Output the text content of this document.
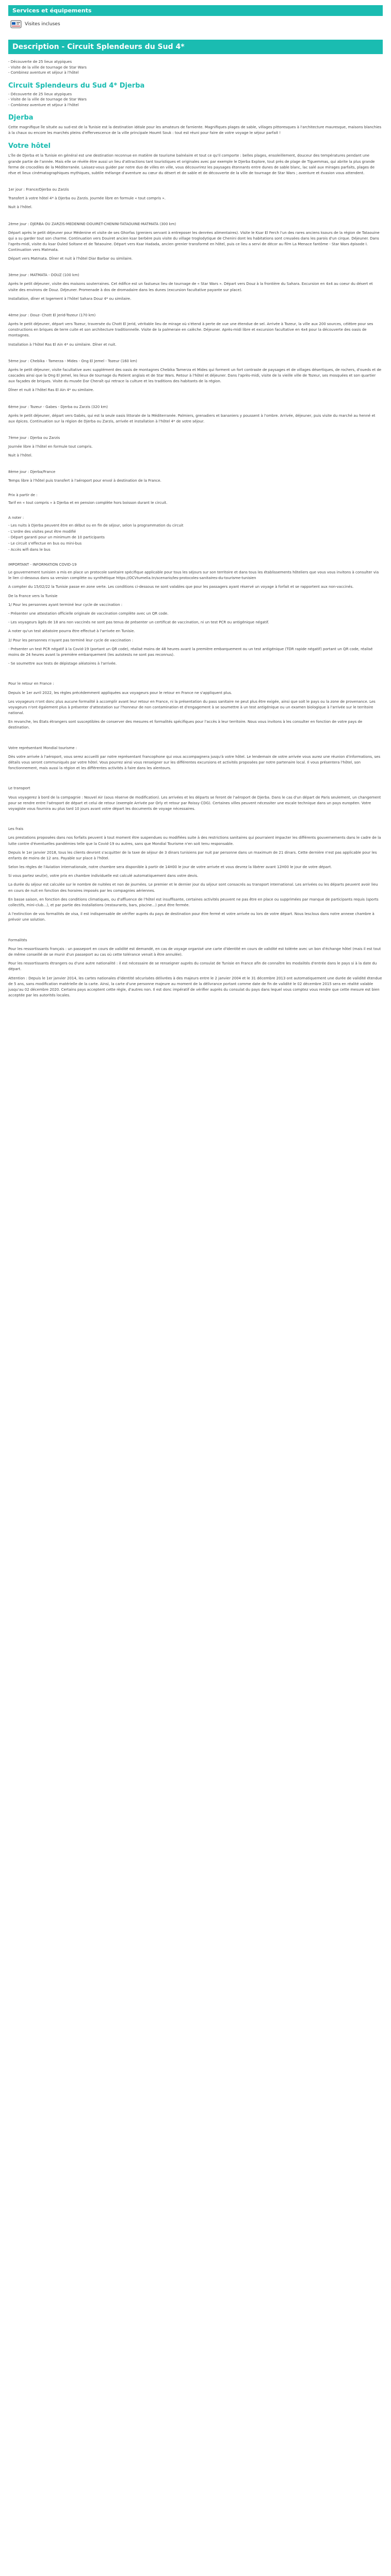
Services et équipements
Visites incluses
Description - Circuit Splendeurs du Sud 4*

- Découverte de 25 lieux atypiques

- Visite de la ville de tournage de Star Wars

- Combinez aventure et séjour à l'hôtel

Circuit Splendeurs du Sud 4* Djerba

- Découverte de 25 lieux atypiques

- Visite de la ville de tournage de Star Wars

- Combinez aventure et séjour à l'hôtel

Djerba

Cette magnifique île située au sud-est de la Tunisie est la destination idéale pour les amateurs de farniente. Magnifiques plages de sable, villages pittoresques à l'architecture mauresque, maisons blanchies à la chaux ou encore les marchés pleins d'effervescence de la ville principale Houmt Souk : tout est réuni pour faire de votre voyage le séjour parfait !

Votre hôtel

L'île de Djerba et la Tunisie en général est une destination reconnue en matière de tourisme balnéaire et tout ce qu'il comporte : belles plages, ensoleillement, douceur des températures pendant une grande partie de l'année. Mais elle se révèle être aussi un lieu d'attractions tant touristiques et originales avec par exemple le Djerba Explore, tout près de plage de Tiguemmas, qui abrite la plus grande ferme de crocodiles de la Méditerranée. Laissez-vous guider par notre duo de villes en ville, vous découvrirez les paysages étonnants entre dunes de sable blanc, lac salé aux mirages parfaits, plages de rêve et lieux cinématographiques mythiques, subtile mélange d'aventure au cœur du désert et de sable et de découverte de la ville de tournage de Star Wars ; aventure et évasion vous attendent.

1er jour : France/Djerba ou Zarzis

Transfert à votre hôtel 4* à Djerba ou Zarzis. Journée libre en formule « tout compris ».

Nuit à l'hôtel.

2ème jour : DJERBA OU ZARZIS-MEDENINE-DOUIRET-CHENINI-TATAOUINE-MATMATA (300 km)

Départ après le petit déjeuner pour Médenine et visite de ses Ghorfas (greniers servant à entreposer les denrées alimentaires). Visite le Ksar El Ferch l'un des rares anciens ksours de la région de Tataouine qui a su garder tout son charme. Continuation vers Douiret ancien ksar berbère puis visite du village troglodytique de Chenini dont les habitations sont creusées dans les parois d'un cirque. Déjeuner. Dans l'après-midi, visite du ksar Ouled Soltane et de Tataouine. Départ vers Ksar Hadada, ancien grenier transformé en hôtel, puis ce lieu a servi de décor au film La Menace fantôme - Star Wars épisode I. Continuation vers Matmata.

Départ vers Matmata. Dîner et nuit à l'hôtel Diar Barbar ou similaire.

3ème jour : MATMATA - DOUZ (100 km)

Après le petit déjeuner, visite des maisons souterraines. Cet édifice est un fastueux lieu de tournage de « Star Wars ». Départ vers Douz à la frontière du Sahara. Excursion en 4x4 au coeur du désert et visite des environs de Douz. Déjeuner. Promenade à dos de dromadaire dans les dunes (excursion facultative payante sur place).

Installation, dîner et logement à l'hôtel Sahara Douz 4* ou similaire.

4ème jour : Douz- Chott El Jerid-Tozeur (170 km)

Après le petit déjeuner, départ vers Tozeur, traversée du Chott El Jerid, véritable lieu de mirage où s'étend à perte de vue une étendue de sel. Arrivée à Tozeur, la ville aux 200 sources, célèbre pour ses constructions en briques de terre cuite et son architecture traditionnelle. Visite de la palmeraie en calèche. Déjeuner. Après-midi libre et excursion facultative en 4x4 pour la découverte des oasis de montagnes.

Installation à l'hôtel Ras El Ain 4* ou similaire. Dîner et nuit.

5ème jour : Chebika - Tamerza - Mides - Ong El Jemel - Tozeur (160 km)

Après le petit déjeuner, visite facultative avec supplément des oasis de montagnes Chebika Tamerza et Mides qui forment un fort contraste de paysages et de villages désertiques, de rochers, d'oueds et de cascades ainsi que la Ong El Jemel, les lieux de tournage du Patient anglais et de Star Wars. Retour à l'hôtel et déjeuner. Dans l'après-midi, visite de la vieille ville de Tozeur, ses mosquées et son quartier aux façades de briques. Visite du musée Dar Cheraït qui retrace la culture et les traditions des habitants de la région.

Dîner et nuit à l'hôtel Ras El Ain 4* ou similaire.

6ème jour : Tozeur - Gabes - Djerba ou Zarzis (320 km)

Après le petit déjeuner, départ vers Gabès, qui est la seule oasis littorale de la Méditerranée. Palmiers, grenadiers et bananiers y poussent à l'ombre. Arrivée, déjeuner, puis visite du marché au henné et aux épices. Continuation sur la région de Djerba ou Zarzis, arrivée et installation à l'hôtel 4* de votre séjour.

7ème jour : Djerba ou Zarzis

Journée libre à l'hôtel en formule tout compris.

Nuit à l'hôtel.

8ème jour : Djerba/France

Temps libre à l'hôtel puis transfert à l'aéroport pour envol à destination de la France.

Prix à partir de :

Tarif en « tout compris » à Djerba et en pension complète hors boisson durant le circuit.

A noter :

- Les nuits à Djerba peuvent être en début ou en fin de séjour, selon la programmation du circuit
- L'ordre des visites peut être modifié
- Départ garanti pour un minimum de 10 participants
- Le circuit s'effectue en bus ou mini-bus
- Accès wifi dans le bus

IMPORTANT - INFORMATION COVID-19

Le gouvernement tunisien a mis en place un protocole sanitaire spécifique applicable pour tous les séjours sur son territoire et dans tous les établissements hôteliers que vous vous invitons à consulter via le lien ci-dessous dans sa version complète ou synthétique https://OCVtumelia.tn/scenario/les-protocoles-sanitaires-du-tourisme-tunisien

A compter du 15/02/22 la Tunisie passe en zone verte. Les conditions ci-dessous ne sont valables que pour les passagers ayant réservé un voyage à forfait et se rapportent aux non-vaccinés.

De la France vers la Tunisie

1/ Pour les personnes ayant terminé leur cycle de vaccination :

- Présenter une attestation officielle originale de vaccination complète avec un QR code.

- Les voyageurs âgés de 18 ans non vaccinés ne sont pas tenus de présenter un certificat de vaccination, ni un test PCR ou antigénique négatif.

A noter qu'un test aléatoire pourra être effectué à l'arrivée en Tunisie.

2/ Pour les personnes n'ayant pas terminé leur cycle de vaccination :

- Présenter un test PCR négatif à la Covid-19 (portant un QR code), réalisé moins de 48 heures avant la première embarquement ou un test antigénique (TDR rapide négatif) portant un QR code, réalisé moins de 24 heures avant la première embarquement (les autotests ne sont pas reconnus).

- Se soumettre aux tests de dépistage aléatoires à l'arrivée.

Pour le retour en France :

Depuis le 1er avril 2022, les règles précédemment appliquées aux voyageurs pour le retour en France ne s'appliquent plus.

Les voyageurs n'ont donc plus aucune formalité à accomplir avant leur retour en France, ni la présentation du pass sanitaire ne peut plus être exigée, ainsi que soit le pays ou la zone de provenance. Les voyageurs n'ont également plus à présenter d'attestation sur l'honneur de non contamination et d'engagement à se soumettre à un test antigénique ou un examen biologique à l'arrivée sur le territoire national.

En revanche, les États étrangers sont susceptibles de conserver des mesures et formalités spécifiques pour l'accès à leur territoire. Nous vous invitons à les consulter en fonction de votre pays de destination.

Votre représentant Mondial tourisme :

Dès votre arrivée à l'aéroport, vous serez accueilli par notre représentant francophone qui vous accompagnera jusqu'à votre hôtel. Le lendemain de votre arrivée vous aurez une réunion d'informations, ses détails vous seront communiqués par votre hôtel. Vous pourrez ainsi vous renseigner sur les différentes excursions et activités proposées par notre partenaire local. Il vous présentera l'hôtel, son fonctionnement, mais aussi la région et les différentes activités à faire dans les alentours.

Le transport

Vous voyagerez à bord de la compagnie : Nouvel Air (sous réserve de modification). Les arrivées et les départs se feront de l'aéroport de Djerba. Dans le cas d'un départ de Paris seulement, un changement pour se rendre entre l'aéroport de départ et celui de retour (exemple Arrivée par Orly et retour par Roissy CDG). Certaines villes peuvent nécessiter une escale technique dans un pays européen. Votre voyagiste vous fournira au plus tard 10 jours avant votre départ les documents de voyage nécessaires.

Les frais

Les prestations proposées dans nos forfaits peuvent à tout moment être suspendues ou modifiées suite à des restrictions sanitaires qui pourraient impacter les différents gouvernements dans le cadre de la lutte contre d'éventuelles pandémies telle que la Covid-19 ou autres, sans que Mondial Tourisme n'en soit tenu responsable.

Depuis le 1er janvier 2018, tous les clients devront s'acquitter de la taxe de séjour de 3 dinars tunisiens par nuit par personne dans un maximum de 21 dinars. Cette dernière n'est pas applicable pour les enfants de moins de 12 ans. Payable sur place à l'hôtel.

Selon les règles de l'Aviation internationale, notre chambre sera disponible à partir de 14H00 le jour de votre arrivée et vous devrez la libérer avant 12H00 le jour de votre départ.

Si vous partez seul(e), votre prix en chambre individuelle est calculé automatiquement dans votre devis.

La durée du séjour est calculée sur le nombre de nuitées et non de journées. Le premier et le dernier jour du séjour sont consacrés au transport international. Les arrivées ou les départs peuvent avoir lieu en cours de nuit en fonction des horaires imposés par les compagnies aériennes.

En basse saison, en fonction des conditions climatiques, ou d'affluence de l'hôtel est insuffisante, certaines activités peuvent ne pas être en place ou supprimées par manque de participants requis (sports collectifs, mini-club...), et par partie des installations (restaurants, bars, piscine...) peut être fermée.

A l'extinction de vos formalités de visa, il est indispensable de vérifier auprès du pays de destination pour être fermé et votre arrivée ou lors de votre départ. Nous lesclous dans notre annexe chambre à prévoir une solution.

Formalités

Pour les ressortissants français : un passeport en cours de validité est demandé, en cas de voyage organisé une carte d'identité en cours de validité est tolérée avec un bon d'échange hôtel (mais il est tout de même conseillé de se munir d'un passeport au cas où cette tolérance venait à être annulée).

Pour les ressortissants étrangers ou d'une autre nationalité : il est nécessaire de se renseigner auprès du consulat de Tunisie en France afin de connaître les modalités d'entrée dans le pays si à la date du départ.

Attention : Depuis le 1er janvier 2014, les cartes nationales d'identité sécurisées délivrées à des majeurs entre le 2 janvier 2004 et le 31 décembre 2013 ont automatiquement une durée de validité étendue de 5 ans, sans modification matérielle de la carte. Ainsi, la carte d'une personne majeure au moment de la délivrance portant comme date de fin de validité le 02 décembre 2015 sera en réalité valable jusqu'au 02 décembre 2020. Certains pays acceptent cette règle, d'autres non. Il est donc impératif de vérifier auprès du consulat du pays dans lequel vous comptez vous rendre que cette mesure est bien acceptée par les autorités locales.
